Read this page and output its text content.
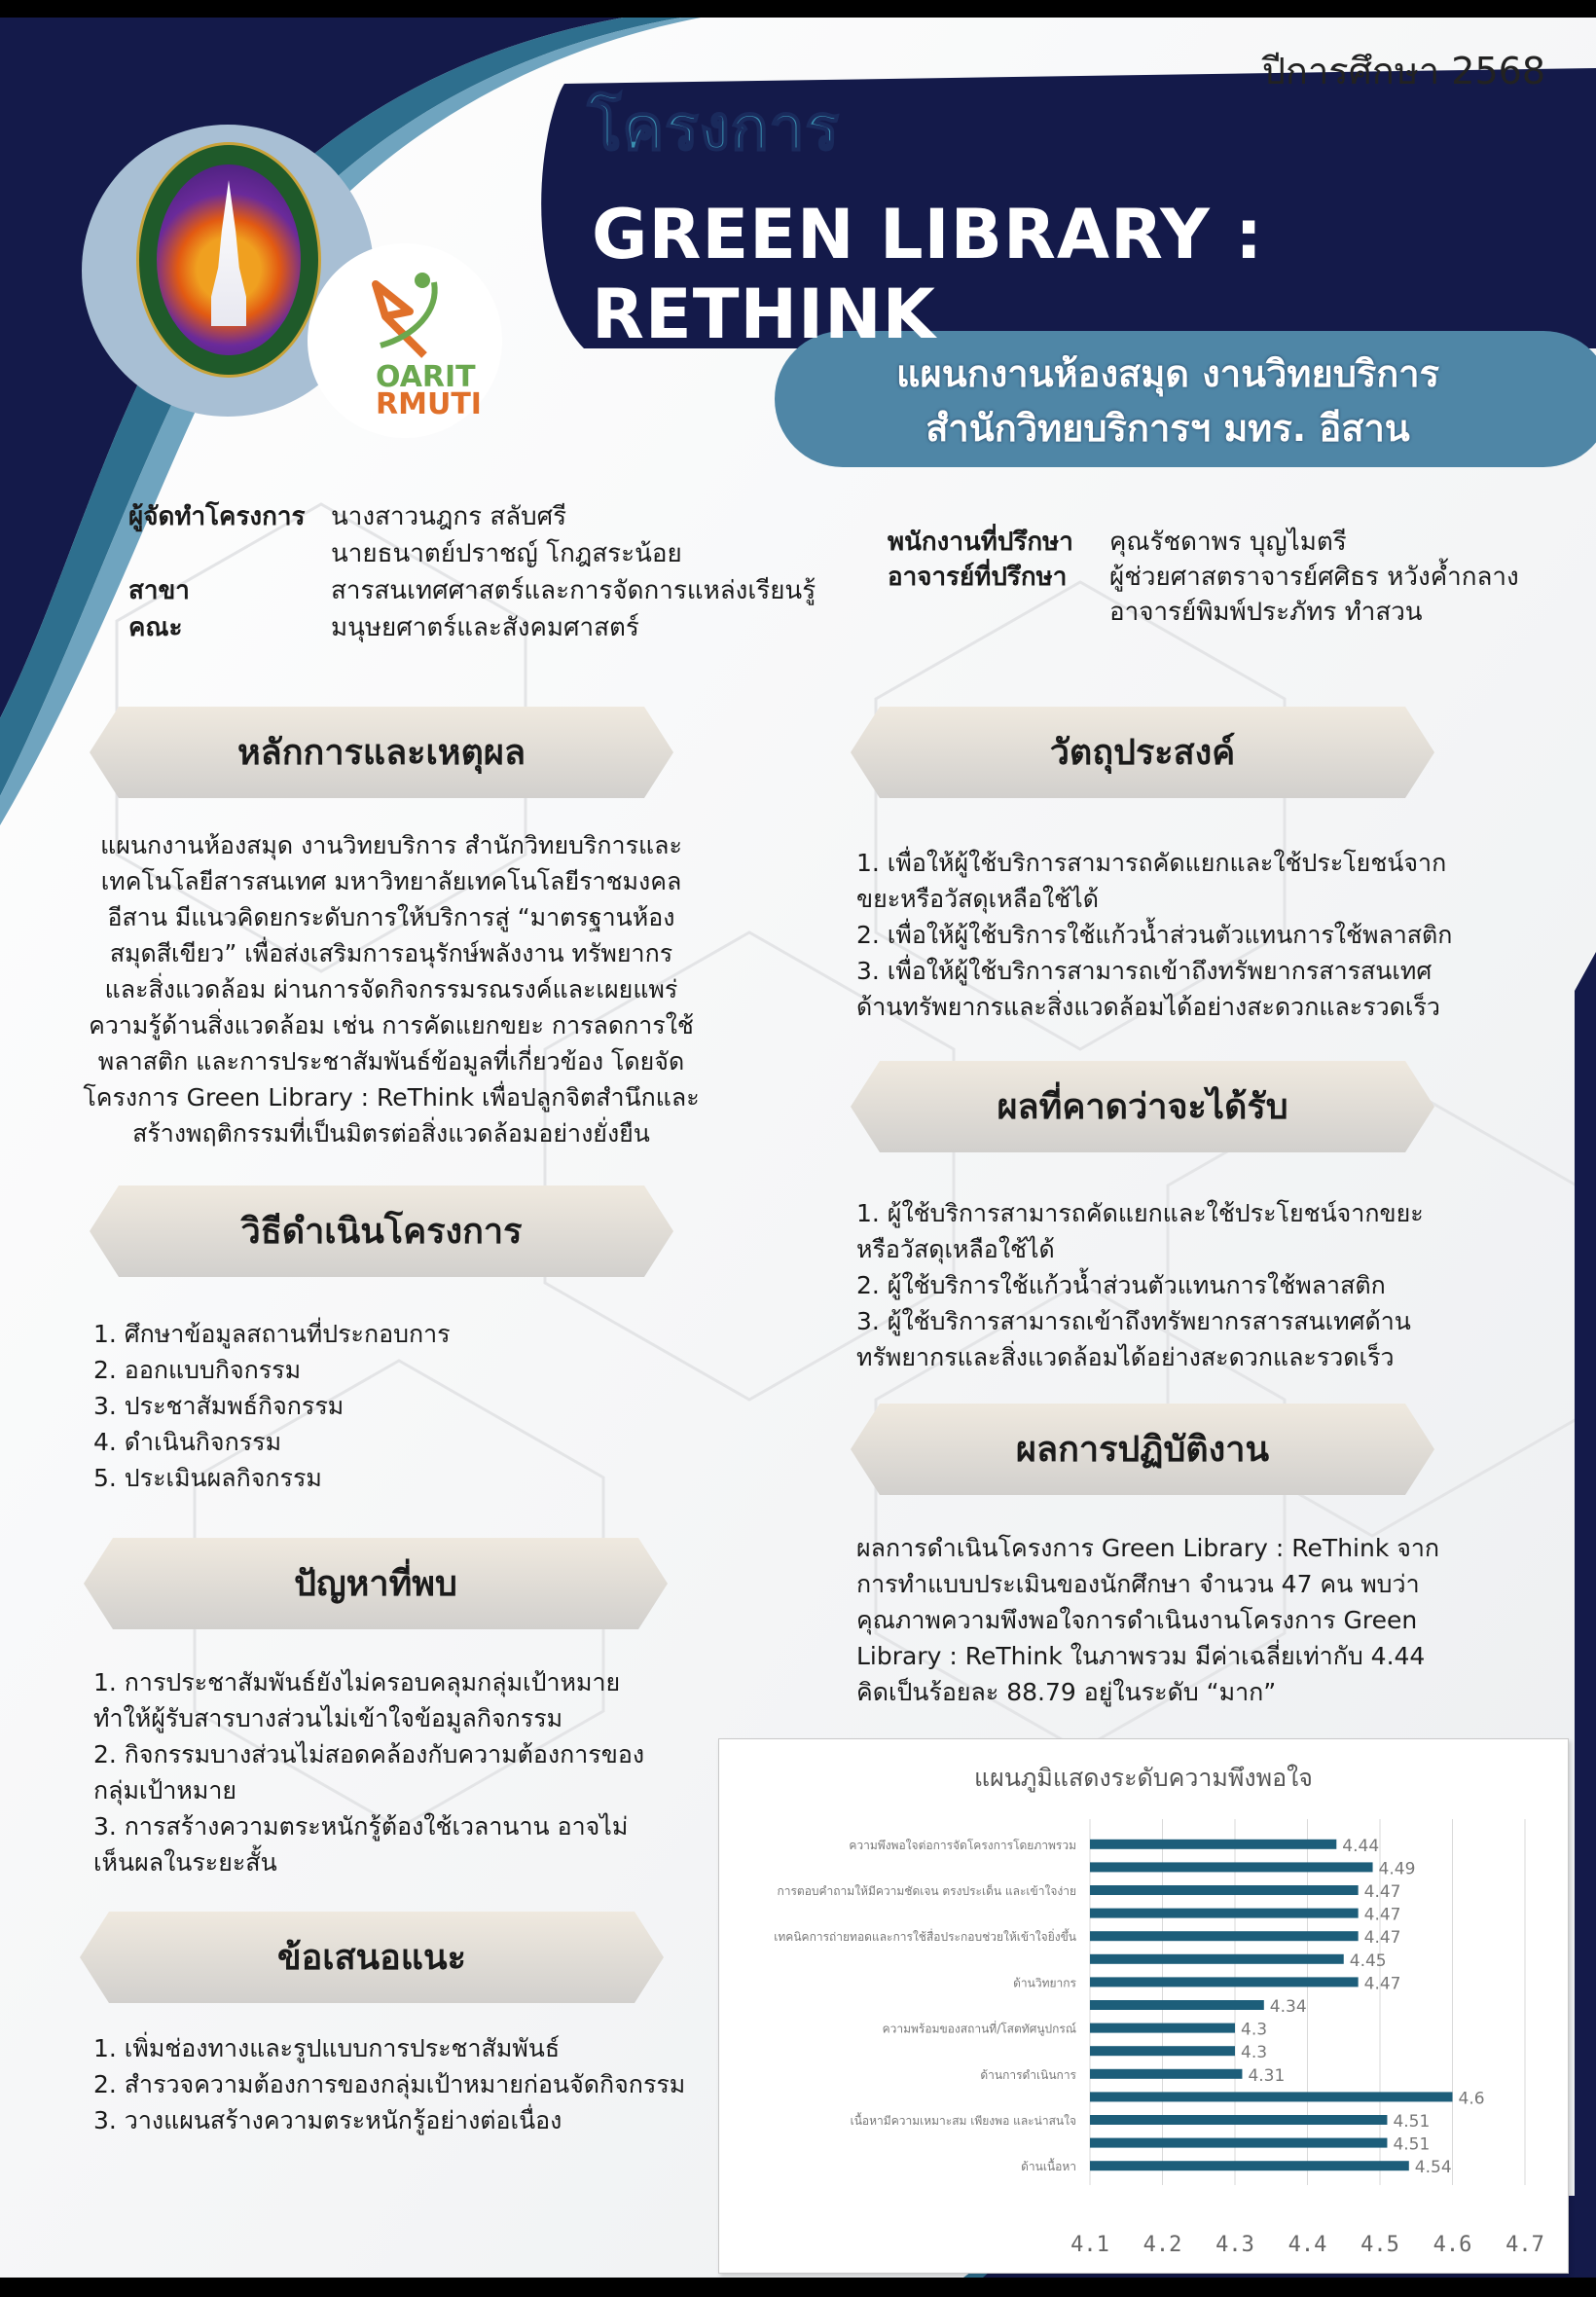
ปีการศึกษา 2568
โครงการ
GREEN LIBRARY : RETHINK
แผนกงานห้องสมุด งานวิทยบริการ
สำนักวิทยบริการฯ มทร. อีสาน
OARIT
RMUTI
ผู้จัดทำโครงการ นางสาวนฎกร สลับศรี
นายธนาตย์ปราชญ์ โกฎสระน้อย
สาขา	สารสนเทศศาสตร์และการจัดการแหล่งเรียนรู้
คณะ	มนุษยศาตร์และสังคมศาสตร์
พนักงานที่ปรึกษา คุณรัชดาพร บุญไมตรี
อาจารย์ที่ปรึกษา ผู้ช่วยศาสตราจารย์ศศิธร หวังค้ำกลาง
อาจารย์พิมพ์ประภัทร ทำสวน
หลักการและเหตุผล

แผนกงานห้องสมุด งานวิทยบริการ สำนักวิทยบริการและ

เทคโนโลยีสารสนเทศ มหาวิทยาลัยเทคโนโลยีราชมงคล

อีสาน มีแนวคิดยกระดับการให้บริการสู่ “มาตรฐานห้อง

สมุดสีเขียว” เพื่อส่งเสริมการอนุรักษ์พลังงาน ทรัพยากร

และสิ่งแวดล้อม ผ่านการจัดกิจกรรมรณรงค์และเผยแพร่

ความรู้ด้านสิ่งแวดล้อม เช่น การคัดแยกขยะ การลดการใช้

พลาสติก และการประชาสัมพันธ์ข้อมูลที่เกี่ยวข้อง โดยจัด

โครงการ Green Library : ReThink เพื่อปลูกจิตสำนึกและ

สร้างพฤติกรรมที่เป็นมิตรต่อสิ่งแวดล้อมอย่างยั่งยืน

วิธีดำเนินโครงการ

1. ศึกษาข้อมูลสถานที่ประกอบการ

2. ออกแบบกิจกรรม

3. ประชาสัมพธ์กิจกรรม

4. ดำเนินกิจกรรม

5. ประเมินผลกิจกรรม

ปัญหาที่พบ

1. การประชาสัมพันธ์ยังไม่ครอบคลุมกลุ่มเป้าหมาย

ทำให้ผู้รับสารบางส่วนไม่เข้าใจข้อมูลกิจกรรม

2. กิจกรรมบางส่วนไม่สอดคล้องกับความต้องการของ

กลุ่มเป้าหมาย

3. การสร้างความตระหนักรู้ต้องใช้เวลานาน อาจไม่

เห็นผลในระยะสั้น

ข้อเสนอแนะ

1. เพิ่มช่องทางและรูปแบบการประชาสัมพันธ์

2. สำรวจความต้องการของกลุ่มเป้าหมายก่อนจัดกิจกรรม

3. วางแผนสร้างความตระหนักรู้อย่างต่อเนื่อง

วัตถุประสงค์

1. เพื่อให้ผู้ใช้บริการสามารถคัดแยกและใช้ประโยชน์จาก

ขยะหรือวัสดุเหลือใช้ได้

2. เพื่อให้ผู้ใช้บริการใช้แก้วน้ำส่วนตัวแทนการใช้พลาสติก

3. เพื่อให้ผู้ใช้บริการสามารถเข้าถึงทรัพยากรสารสนเทศ

ด้านทรัพยากรและสิ่งแวดล้อมได้อย่างสะดวกและรวดเร็ว

ผลที่คาดว่าจะได้รับ

1. ผู้ใช้บริการสามารถคัดแยกและใช้ประโยชน์จากขยะ

หรือวัสดุเหลือใช้ได้

2. ผู้ใช้บริการใช้แก้วน้ำส่วนตัวแทนการใช้พลาสติก

3. ผู้ใช้บริการสามารถเข้าถึงทรัพยากรสารสนเทศด้าน

ทรัพยากรและสิ่งแวดล้อมได้อย่างสะดวกและรวดเร็ว

ผลการปฏิบัติงาน

ผลการดำเนินโครงการ Green Library : ReThink จาก

การทำแบบประเมินของนักศึกษา จำนวน 47 คน พบว่า

คุณภาพความพึงพอใจการดำเนินงานโครงการ Green

Library : ReThink ในภาพรวม มีค่าเฉลี่ยเท่ากับ 4.44

คิดเป็นร้อยละ 88.79 อยู่ในระดับ “มาก”

4.1 4.2 4.3 4.4 4.5 4.6 4.7
4.44
ความพึงพอใจต่อการจัดโครงการโดยภาพรวม
4.49
4.47
การตอบคำถามให้มีความชัดเจน ตรงประเด็น และเข้าใจง่าย
4.47
4.47
เทคนิคการถ่ายทอดและการใช้สื่อประกอบช่วยให้เข้าใจยิ่งขึ้น
4.45
4.47
ด้านวิทยากร
4.34
4.3
ความพร้อมของสถานที่/โสตทัศนูปกรณ์
4.3
4.31
ด้านการดำเนินการ
4.6
4.51
เนื้อหามีความเหมาะสม เพียงพอ และน่าสนใจ
4.51
4.54
ด้านเนื้อหา
แผนภูมิแสดงระดับความพึงพอใจ
